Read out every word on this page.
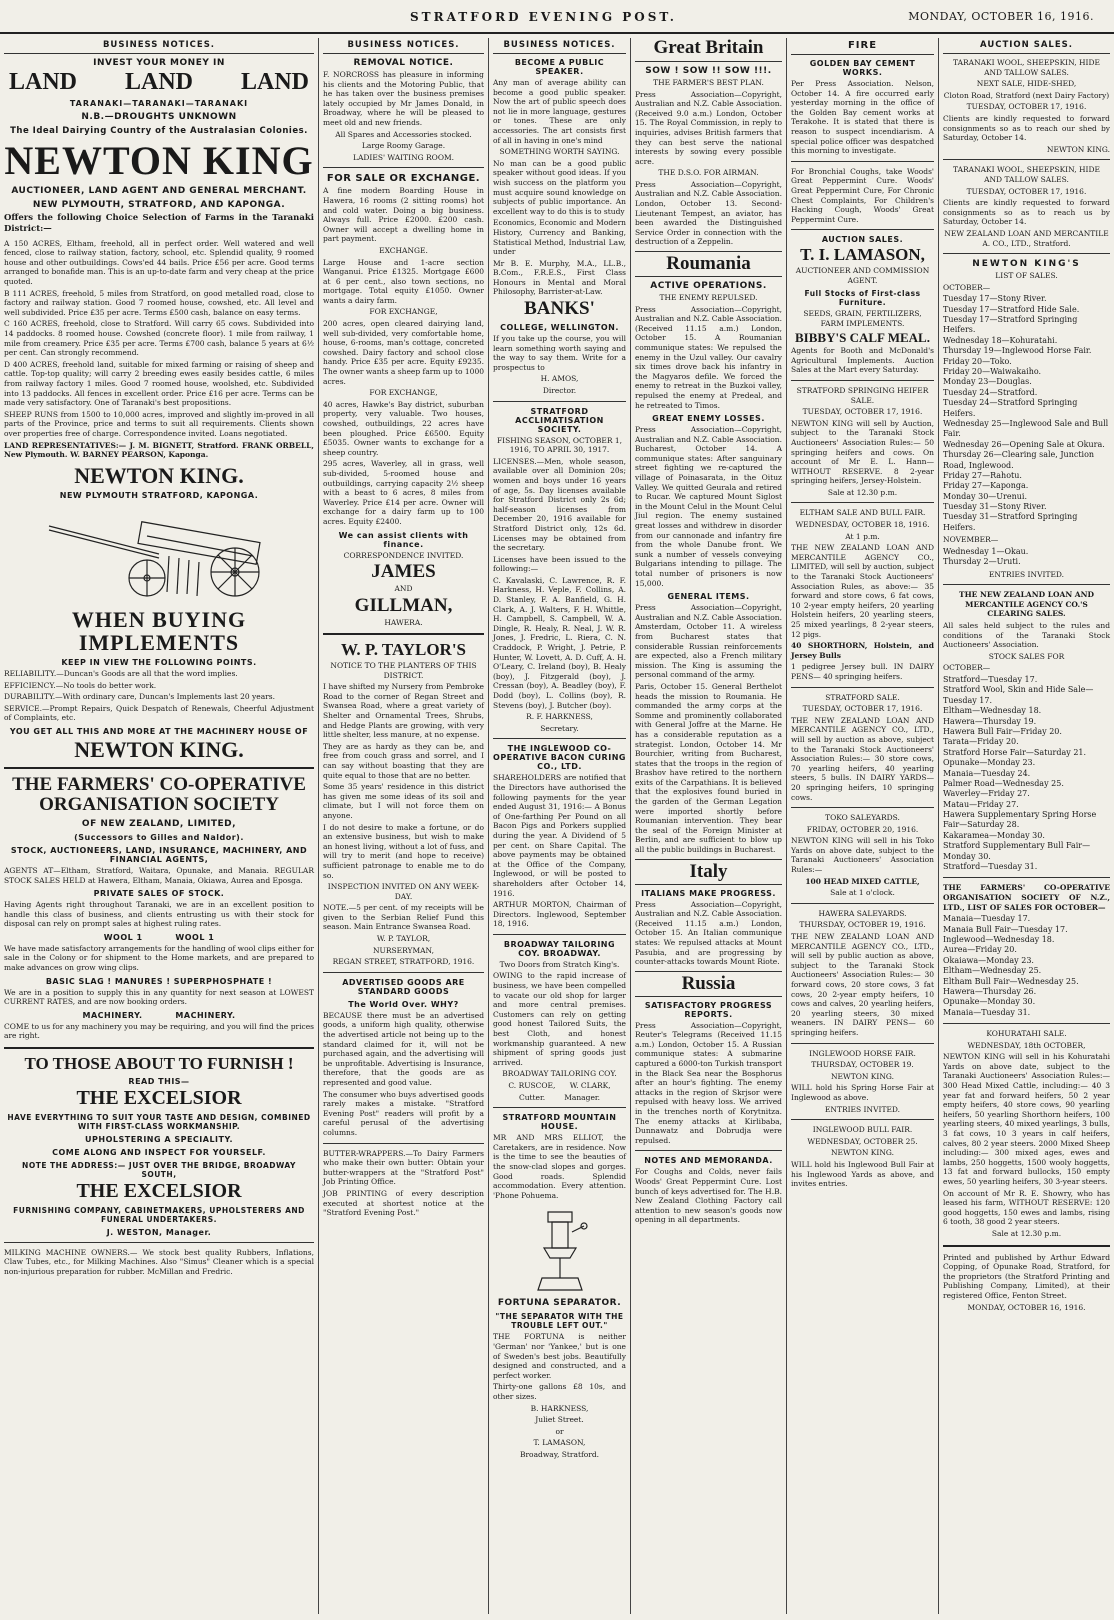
STRATFORD EVENING POST.	MONDAY, OCTOBER 16, 1916.
BUSINESS NOTICES.
INVEST YOUR MONEY IN
LAND        LAND        LAND
TARANAKI—TARANAKI—TARANAKI
N.B.—DROUGHTS UNKNOWN
The Ideal Dairying Country of the Australasian Colonies.
NEWTON KING
AUCTIONEER, LAND AGENT AND GENERAL MERCHANT.
NEW PLYMOUTH, STRATFORD, AND KAPONGA.
Offers the following Choice Selection of Farms in the Taranaki District:—
A 150 ACRES, Eltham, freehold, all in perfect order. Well watered and well fenced, close to railway station, factory, school, etc. Splendid quality, 9 roomed house and other outbuildings. Cows'ed 44 bails. Price £56 per acre. Good terms arranged to bonafide man. This is an up-to-date farm and very cheap at the price quoted.
B 111 ACRES, freehold, 5 miles from Stratford, on good metalled road, close to factory and railway station. Good 7 roomed house, cowshed, etc. All level and well subdivided. Price £35 per acre. Terms £500 cash, balance on easy terms.
C 160 ACRES, freehold, close to Stratford. Will carry 65 cows. Subdivided into 14 paddocks. 8 roomed house. Cowshed (concrete floor). 1 mile from railway, 1 mile from creamery. Price £35 per acre. Terms £700 cash, balance 5 years at 6½ per cent. Can strongly recommend.
D 400 ACRES, freehold land, suitable for mixed farming or raising of sheep and cattle. Top-top quality; will carry 2 breeding ewes easily besides cattle, 6 miles from railway factory 1 miles. Good 7 roomed house, woolshed, etc. Subdivided into 13 paddocks. All fences in excellent order. Price £16 per acre. Terms can be made very satisfactory. One of Taranaki's best propositions.
SHEEP RUNS from 1500 to 10,000 acres, improved and slightly im-proved in all parts of the Province, price and terms to suit all requirements. Clients shown over properties free of charge. Correspondence invited. Loans negotiated.
LAND REPRESENTATIVES:— J. M. BIGNETT, Stratford. FRANK ORBELL, New Plymouth. W. BARNEY PEARSON, Kaponga.
NEWTON KING.
NEW PLYMOUTH STRATFORD, KAPONGA.
WHEN BUYING IMPLEMENTS
KEEP IN VIEW THE FOLLOWING POINTS.
RELIABILITY.—Duncan's Goods are all that the word implies.
EFFICIENCY.—No tools do better work.
DURABILITY.—With ordinary care, Duncan's Implements last 20 years.
SERVICE.—Prompt Repairs, Quick Despatch of Renewals, Cheerful Adjustment of Complaints, etc.
YOU GET ALL THIS AND MORE AT THE MACHINERY HOUSE OF
NEWTON KING.
THE FARMERS' CO-OPERATIVE ORGANISATION SOCIETY
OF NEW ZEALAND, LIMITED,
(Successors to Gilles and Naldor).
STOCK, AUCTIONEERS, LAND, INSURANCE, MACHINERY, AND FINANCIAL AGENTS,
AGENTS AT—Eltham, Stratford, Waitara, Opunake, and Manaia. REGULAR STOCK SALES HELD at Hawera, Eltham, Manaia, Okiawa, Aurea and Eposga.
PRIVATE SALES OF STOCK.
Having Agents right throughout Taranaki, we are in an excellent position to handle this class of business, and clients entrusting us with their stock for disposal can rely on prompt sales at highest ruling rates.
WOOL 1          WOOL 1
We have made satisfactory arrangements for the handling of wool clips either for sale in the Colony or for shipment to the Home markets, and are prepared to make advances on grow wing clips.
BASIC SLAG ! MANURES ! SUPERPHOSPHATE !
We are in a position to supply this in any quantity for next season at LOWEST CURRENT RATES, and are now booking orders.
MACHINERY.          MACHINERY.
COME to us for any machinery you may be requiring, and you will find the prices are right.
TO THOSE ABOUT TO FURNISH !
READ THIS—
THE EXCELSIOR
HAVE EVERYTHING TO SUIT YOUR TASTE AND DESIGN, COMBINED WITH FIRST-CLASS WORKMANSHIP.
UPHOLSTERING A SPECIALITY.
COME ALONG AND INSPECT FOR YOURSELF.
NOTE THE ADDRESS:— JUST OVER THE BRIDGE, BROADWAY SOUTH,
THE EXCELSIOR
FURNISHING COMPANY, CABINETMAKERS, UPHOLSTERERS AND FUNERAL UNDERTAKERS.
J. WESTON, Manager.
MILKING MACHINE OWNERS.— We stock best quality Rubbers, Inflations, Claw Tubes, etc., for Milking Machines. Also "Simus" Cleaner which is a special non-injurious preparation for rubber. McMillan and Fredric.
BUSINESS NOTICES.
REMOVAL NOTICE.
F. NORCROSS has pleasure in informing his clients and the Motoring Public, that he has taken over the business premises lately occupied by Mr James Donald, in Broadway, where he will be pleased to meet old and new friends.
All Spares and Accessories stocked.
Large Roomy Garage.
LADIES' WAITING ROOM.
FOR SALE OR EXCHANGE.
A fine modern Boarding House in Hawera, 16 rooms (2 sitting rooms) hot and cold water. Doing a big business. Always full. Price £2000. £200 cash. Owner will accept a dwelling home in part payment.
EXCHANGE.
Large House and 1-acre section Wanganui. Price £1325. Mortgage £600 at 6 per cent., also town sections, no mortgage. Total equity £1050. Owner wants a dairy farm.
FOR EXCHANGE,
200 acres, open cleared dairying land, well sub-divided, very comfortable home, house, 6-rooms, man's cottage, concreted cowshed. Dairy factory and school close handy. Price £35 per acre. Equity £9235. The owner wants a sheep farm up to 1000 acres.
FOR EXCHANGE,
40 acres, Hawke's Bay district, suburban property, very valuable. Two houses, cowshed, outbuildings, 22 acres have been ploughed. Price £6500. Equity £5035. Owner wants to exchange for a sheep country.
295 acres, Waverley, all in grass, well sub-divided, 5-roomed house and outbuildings, carrying capacity 2½ sheep with a beast to 6 acres, 8 miles from Waverley. Price £14 per acre. Owner will exchange for a dairy farm up to 100 acres. Equity £2400.
We can assist clients with finance.
CORRESPONDENCE INVITED.
JAMES
AND
GILLMAN,
HAWERA.
W. P. TAYLOR'S
NOTICE TO THE PLANTERS OF THIS DISTRICT.
I have shifted my Nursery from Pembroke Road to the corner of Regan Street and Swansea Road, where a great variety of Shelter and Ornamental Trees, Shrubs, and Hedge Plants are growing, with very little shelter, less manure, at no expense.
They are as hardy as they can be, and free from couch grass and sorrel, and I can say without boasting that they are quite equal to those that are no better.
Some 35 years' residence in this district has given me some ideas of its soil and climate, but I will not force them on anyone.
I do not desire to make a fortune, or do an extensive business, but wish to make an honest living, without a lot of fuss, and will try to merit (and hope to receive) sufficient patronage to enable me to do so.
INSPECTION INVITED ON ANY WEEK-DAY.
NOTE.—5 per cent. of my receipts will be given to the Serbian Relief Fund this season. Main Entrance Swansea Road.
W. P. TAYLOR,
NURSERYMAN,
REGAN STREET, STRATFORD, 1916.
ADVERTISED GOODS ARE STANDARD GOODS
The World Over. WHY?
BECAUSE there must be an advertised goods, a uniform high quality, otherwise the advertised article not being up to the standard claimed for it, will not be purchased again, and the advertising will be unprofitable. Advertising is Insurance, therefore, that the goods are as represented and good value.
The consumer who buys advertised goods rarely makes a mistake. "Stratford Evening Post" readers will profit by a careful perusal of the advertising columns.
BUTTER-WRAPPERS.—To Dairy Farmers who make their own butter: Obtain your butter-wrappers at the "Stratford Post" Job Printing Office.
JOB PRINTING of every description executed at shortest notice at the "Stratford Evening Post."
BUSINESS NOTICES.
BECOME A PUBLIC SPEAKER.
Any man of average ability can become a good public speaker. Now the art of public speech does not lie in more language, gestures or tones. These are only accessories. The art consists first of all in having in one's mind
SOMETHING WORTH SAYING.
No man can be a good public speaker without good ideas. If you wish success on the platform you must acquire sound knowledge on subjects of public importance. An excellent way to do this is to study
Economics, Economic and Modern History, Currency and Banking, Statistical Method, Industrial Law, under
Mr B. E. Murphy, M.A., LL.B., B.Com., F.R.E.S., First Class Honours in Mental and Moral Philosophy, Barrister-at-Law.
BANKS'
COLLEGE, WELLINGTON.
If you take up the course, you will learn something worth saying and the way to say them. Write for a prospectus to
H. AMOS,
Director.
STRATFORD ACCLIMATISATION SOCIETY.
FISHING SEASON, OCTOBER 1, 1916, TO APRIL 30, 1917.
LICENSES.—Men, whole season, available over all Dominion 20s; women and boys under 16 years of age, 5s. Day licenses available for Stratford District only 2s 6d; half-season licenses from December 20, 1916 available for Stratford District only, 12s 6d. Licenses may be obtained from the secretary.
Licenses have been issued to the following:—
C. Kavalaski, C. Lawrence, R. F. Harkness, H. Veple, F. Collins, A. D. Stanley, F. A. Banfield, G. H. Clark, A. J. Walters, F. H. Whittle, H. Campbell, S. Campbell, W. A. Dingle, R. Healy, R. Neal, J. W. R. Jones, J. Fredric, L. Riera, C. N. Craddock, P. Wright, J. Petrie, P. Hunter, W. Lovett, A. D. Cuff, A. H. O'Leary, C. Ireland (boy), B. Healy (boy), J. Fitzgerald (boy), J. Cressan (boy), A. Beadley (boy), F. Dodd (boy), L. Collins (boy), R. Stevens (boy), J. Butcher (boy).
R. F. HARKNESS,
Secretary.
THE INGLEWOOD CO-OPERATIVE BACON CURING CO., LTD.
SHAREHOLDERS are notified that the Directors have authorised the following payments for the year ended August 31, 1916:— A Bonus of One-farthing Per Pound on all Bacon Pigs and Porkers supplied during the year. A Dividend of 5 per cent. on Share Capital. The above payments may be obtained at the Office of the Company, Inglewood, or will be posted to shareholders after October 14, 1916.
ARTHUR MORTON, Chairman of Directors. Inglewood, September 18, 1916.
BROADWAY TAILORING COY. BROADWAY.
Two Doors from Stratch King's.
OWING to the rapid increase of business, we have been compelled to vacate our old shop for larger and more central premises. Customers can rely on getting good honest Tailored Suits, the best Cloth, and honest workmanship guaranteed. A new shipment of spring goods just arrived.
BROADWAY TAILORING COY.
C. RUSCOE,      W. CLARK,
Cutter.        Manager.
STRATFORD MOUNTAIN HOUSE.
MR AND MRS ELLIOT, the Caretakers, are in residence. Now is the time to see the beauties of the snow-clad slopes and gorges. Good roads. Splendid accommodation. Every attention. 'Phone Pohuema.
FORTUNA SEPARATOR.
"THE SEPARATOR WITH THE TROUBLE LEFT OUT."
THE FORTUNA is neither 'German' nor 'Yankee,' but is one of Sweden's best jobs. Beautifully designed and constructed, and a perfect worker.
Thirty-one gallons £8 10s, and other sizes.
B. HARKNESS,
Juliet Street.
or
T. LAMASON,
Broadway, Stratford.
Great Britain
SOW ! SOW !! SOW !!!.
THE FARMER'S BEST PLAN.
Press Association—Copyright, Australian and N.Z. Cable Association. (Received 9.0 a.m.) London, October 15. The Royal Commission, in reply to inquiries, advises British farmers that they can best serve the national interests by sowing every possible acre.
THE D.S.O. FOR AIRMAN.
Press Association—Copyright, Australian and N.Z. Cable Association. London, October 13. Second-Lieutenant Tempest, an aviator, has been awarded the Distinguished Service Order in connection with the destruction of a Zeppelin.
Roumania
ACTIVE OPERATIONS.
THE ENEMY REPULSED.
Press Association—Copyright, Australian and N.Z. Cable Association. (Received 11.15 a.m.) London, October 15. A Roumanian communique states: We repulsed the enemy in the Uzul valley. Our cavalry six times drove back his infantry in the Magyaros defile. We forced the enemy to retreat in the Buzkoi valley, repulsed the enemy at Predeal, and he retreated to Timos.
GREAT ENEMY LOSSES.
Press Association—Copyright, Australian and N.Z. Cable Association. Bucharest, October 14. A communique states: After sanguinary street fighting we re-captured the village of Poinasarata, in the Oituz Valley. We quitted Geurala and retired to Rucar. We captured Mount Siglost in the Mount Celul in the Mount Celul Jiul region. The enemy sustained great losses and withdrew in disorder from our cannonade and infantry fire from the whole Danube front. We sunk a number of vessels conveying Bulgarians intending to pillage. The total number of prisoners is now 15,000.
GENERAL ITEMS.
Press Association—Copyright, Australian and N.Z. Cable Association. Amsterdam, October 11. A wireless from Bucharest states that considerable Russian reinforcements are expected, also a French military mission. The King is assuming the personal command of the army.
Paris, October 15. General Berthelot heads the mission to Roumania. He commanded the army corps at the Somme and prominently collaborated with General Joffre at the Marne. He has a considerable reputation as a strategist. London, October 14. Mr Bourchier, writing from Bucharest, states that the troops in the region of Brashov have retired to the northern exits of the Carpathians. It is believed that the explosives found buried in the garden of the German Legation were imported shortly before Roumanian intervention. They bear the seal of the Foreign Minister at Berlin, and are sufficient to blow up all the public buildings in Bucharest.
Italy
ITALIANS MAKE PROGRESS.
Press Association—Copyright, Australian and N.Z. Cable Association. (Received 11.15 a.m.) London, October 15. An Italian communique states: We repulsed attacks at Mount Pasubia, and are progressing by counter-attacks towards Mount Riote.
Russia
SATISFACTORY PROGRESS REPORTS.
Press Association—Copyright, Reuter's Telegrams (Received 11.15 a.m.) London, October 15. A Russian communique states: A submarine captured a 6000-ton Turkish transport in the Black Sea near the Bosphorus after an hour's fighting. The enemy attacks in the region of Skrjsor were repulsed with heavy loss. We arrived in the trenches north of Korytnitza. The enemy attacks at Kirlibaba, Dunnawatz and Dobrudja were repulsed.
NOTES AND MEMORANDA.
For Coughs and Colds, never fails Woods' Great Peppermint Cure. Lost bunch of keys advertised for. The H.B. New Zealand Clothing Factory call attention to new season's goods now opening in all departments.
FIRE
GOLDEN BAY CEMENT WORKS.
Per Press Association. Nelson, October 14. A fire occurred early yesterday morning in the office of the Golden Bay cement works at Terakohe. It is stated that there is reason to suspect incendiarism. A special police officer was despatched this morning to investigate.
For Bronchial Coughs, take Woods' Great Peppermint Cure. Woods' Great Peppermint Cure, For Chronic Chest Complaints, For Children's Hacking Cough, Woods' Great Peppermint Cure.
AUCTION SALES.
T. I. LAMASON,
AUCTIONEER AND COMMISSION AGENT.
Full Stocks of First-class Furniture.
SEEDS, GRAIN, FERTILIZERS, FARM IMPLEMENTS.
BIBBY'S CALF MEAL.
Agents for Booth and McDonald's Agricultural Implements. Auction Sales at the Mart every Saturday.
STRATFORD SPRINGING HEIFER SALE.
TUESDAY, OCTOBER 17, 1916.
NEWTON KING will sell by Auction, subject to the Taranaki Stock Auctioneers' Association Rules:— 50 springing heifers and cows. On account of Mr E. L. Hann— WITHOUT RESERVE. 8 2-year springing heifers, Jersey-Holstein.
Sale at 12.30 p.m.
ELTHAM SALE AND BULL FAIR.
WEDNESDAY, OCTOBER 18, 1916.
At 1 p.m.
THE NEW ZEALAND LOAN AND MERCANTILE AGENCY CO., LIMITED, will sell by auction, subject to the Taranaki Stock Auctioneers' Association Rules, as above:— 35 forward and store cows, 6 fat cows, 10 2-year empty heifers, 20 yearling Holstein heifers, 20 yearling steers, 25 mixed yearlings, 8 2-year steers, 12 pigs.
40 SHORTHORN, Holstein, and Jersey Bulls
1 pedigree Jersey bull. IN DAIRY PENS— 40 springing heifers.
STRATFORD SALE.
TUESDAY, OCTOBER 17, 1916.
THE NEW ZEALAND LOAN AND MERCANTILE AGENCY CO., LTD., will sell by auction as above, subject to the Taranaki Stock Auctioneers' Association Rules:— 30 store cows, 70 yearling heifers, 40 yearling steers, 5 bulls. IN DAIRY YARDS— 20 springing heifers, 10 springing cows.
TOKO SALEYARDS.
FRIDAY, OCTOBER 20, 1916.
NEWTON KING will sell in his Toko Yards on above date, subject to the Taranaki Auctioneers' Association Rules:—
100 HEAD MIXED CATTLE,
Sale at 1 o'clock.
HAWERA SALEYARDS.
THURSDAY, OCTOBER 19, 1916.
THE NEW ZEALAND LOAN AND MERCANTILE AGENCY CO., LTD., will sell by public auction as above, subject to the Taranaki Stock Auctioneers' Association Rules:— 30 forward cows, 20 store cows, 3 fat cows, 20 2-year empty heifers, 10 cows and calves, 20 yearling heifers, 20 yearling steers, 30 mixed weaners. IN DAIRY PENS— 60 springing heifers.
INGLEWOOD HORSE FAIR.
THURSDAY, OCTOBER 19.
NEWTON KING.
WILL hold his Spring Horse Fair at Inglewood as above.
ENTRIES INVITED.
INGLEWOOD BULL FAIR.
WEDNESDAY, OCTOBER 25.
NEWTON KING.
WILL hold his Inglewood Bull Fair at his Inglewood Yards as above, and invites entries.
AUCTION SALES.
TARANAKI WOOL, SHEEPSKIN, HIDE AND TALLOW SALES.
NEXT SALE, HIDE-SHED,
Cloton Road, Stratford (next Dairy Factory)
TUESDAY, OCTOBER 17, 1916.
Clients are kindly requested to forward consignments so as to reach our shed by Saturday, October 14.
NEWTON KING.
TARANAKI WOOL, SHEEPSKIN, HIDE AND TALLOW SALES.
TUESDAY, OCTOBER 17, 1916.
Clients are kindly requested to forward consignments so as to reach us by Saturday, October 14.
NEW ZEALAND LOAN AND MERCANTILE A. CO., LTD., Stratford.
NEWTON KING'S
LIST OF SALES.
OCTOBER—
Tuesday 17—Stony River.
Tuesday 17—Stratford Hide Sale.
Tuesday 17—Stratford Springing Heifers.
Wednesday 18—Kohuratahi.
Thursday 19—Inglewood Horse Fair.
Friday 20—Toko.
Friday 20—Waiwakaiho.
Monday 23—Douglas.
Tuesday 24—Stratford.
Tuesday 24—Stratford Springing Heifers.
Wednesday 25—Inglewood Sale and Bull Fair.
Wednesday 26—Opening Sale at Okura.
Thursday 26—Clearing sale, Junction Road, Inglewood.
Friday 27—Rahotu.
Friday 27—Kaponga.
Monday 30—Urenui.
Tuesday 31—Stony River.
Tuesday 31—Stratford Springing Heifers.
NOVEMBER—
Wednesday 1—Okau.
Thursday 2—Uruti.
ENTRIES INVITED.
THE NEW ZEALAND LOAN AND MERCANTILE AGENCY CO.'S CLEARING SALES.
All sales held subject to the rules and conditions of the Taranaki Stock Auctioneers' Association.
STOCK SALES FOR
OCTOBER—
Stratford—Tuesday 17.
Stratford Wool, Skin and Hide Sale—Tuesday 17.
Eltham—Wednesday 18.
Hawera—Thursday 19.
Hawera Bull Fair—Friday 20.
Tarata—Friday 20.
Stratford Horse Fair—Saturday 21.
Opunake—Monday 23.
Manaia—Tuesday 24.
Palmer Road—Wednesday 25.
Waverley—Friday 27.
Matau—Friday 27.
Hawera Supplementary Spring Horse Fair—Saturday 28.
Kakaramea—Monday 30.
Stratford Supplementary Bull Fair—Monday 30.
Stratford—Tuesday 31.
THE FARMERS' CO-OPERATIVE ORGANISATION SOCIETY OF N.Z., LTD., LIST OF SALES FOR OCTOBER—
Manaia—Tuesday 17.
Manaia Bull Fair—Tuesday 17.
Inglewood—Wednesday 18.
Aurea—Friday 20.
Okaiawa—Monday 23.
Eltham—Wednesday 25.
Eltham Bull Fair—Wednesday 25.
Hawera—Thursday 26.
Opunake—Monday 30.
Manaia—Tuesday 31.
KOHURATAHI SALE.
WEDNESDAY, 18th OCTOBER,
NEWTON KING will sell in his Kohuratahi Yards on above date, subject to the Taranaki Auctioneers' Association Rules:— 300 Head Mixed Cattle, including:— 40 3 year fat and forward heifers, 50 2 year empty heifers, 40 store cows, 90 yearling heifers, 50 yearling Shorthorn heifers, 100 yearling steers, 40 mixed yearlings, 3 bulls, 3 fat cows, 10 3 years in calf heifers, calves, 80 2 year steers. 2000 Mixed Sheep including:— 300 mixed ages, ewes and lambs, 250 hoggetts, 1500 wooly hoggetts, 13 fat and forward bullocks, 150 empty ewes, 50 yearling heifers, 30 3-year steers.
On account of Mr R. E. Showry, who has leased his farm, WITHOUT RESERVE: 120 good hoggetts, 150 ewes and lambs, rising 6 tooth, 38 good 2 year steers.
Sale at 12.30 p.m.
Printed and published by Arthur Edward Copping, of Opunake Road, Stratford, for the proprietors (the Stratford Printing and Publishing Company, Limited), at their registered Office, Fenton Street.
MONDAY, OCTOBER 16, 1916.
